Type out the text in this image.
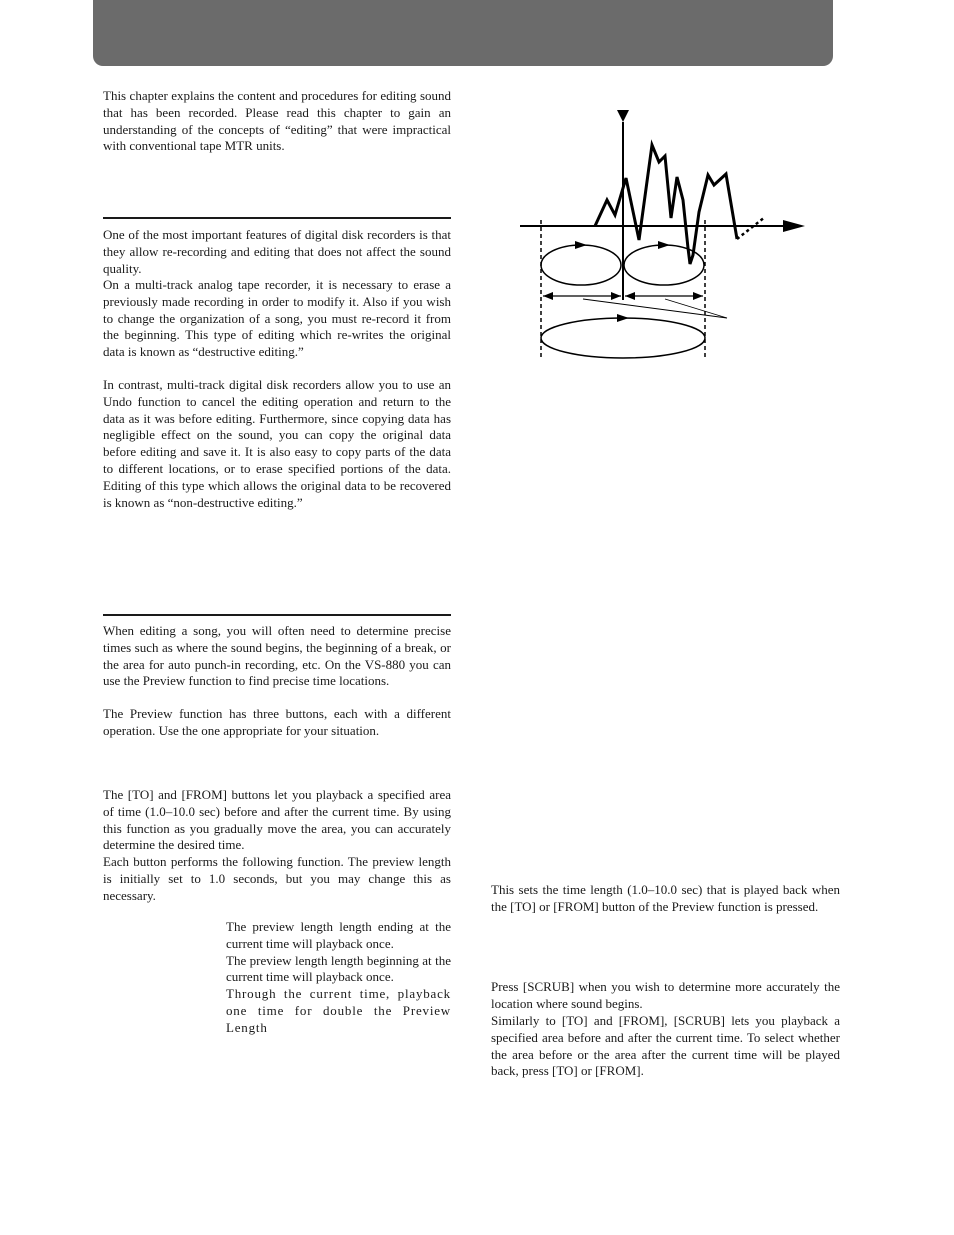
This chapter explains the content and procedures for editing sound that has been recorded. Please read this chapter to gain an understanding of the concepts of “editing” that were impractical with conventional tape MTR units.

One of the most important features of digital disk recorders is that they allow re-recording and editing that does not affect the sound quality.

On a multi-track analog tape recorder, it is necessary to erase a previously made recording in order to modify it. Also if you wish to change the organization of a song, you must re-record it from the beginning. This type of editing which re-writes the original data is known as “destructive editing.”

In contrast, multi-track digital disk recorders allow you to use an Undo function to cancel the editing operation and return to the data as it was before editing. Furthermore, since copying data has negligible effect on the sound, you can copy the original data before editing and save it. It is also easy to copy parts of the data to different locations, or to erase specified portions of the data. Editing of this type which allows the original data to be recovered is known as “non-destructive editing.”

When editing a song, you will often need to determine precise times such as where the sound begins, the beginning of a break, or the area for auto punch-in recording, etc. On the VS-880 you can use the Preview function to find precise time locations.

The Preview function has three buttons, each with a different operation. Use the one appropriate for your situation.

The [TO] and [FROM] buttons let you playback a specified area of time (1.0–10.0 sec) before and after the current time. By using this function as you gradually move the area, you can accurately determine the desired time.

Each button performs the following function. The preview length is initially set to 1.0 seconds, but you may change this as necessary.

The preview length length ending at the current time will playback once.

The preview length length beginning at the current time will playback once.

Through the current time, playback one time for double the Preview Length

This sets the time length (1.0–10.0 sec) that is played back when the [TO] or [FROM] button of the Preview function is pressed.

Press [SCRUB] when you wish to determine more accurately the location where sound begins.

Similarly to [TO] and [FROM], [SCRUB] lets you playback a specified area before and after the current time. To select whether the area before or the area after the current time will be played back, press [TO] or [FROM].
